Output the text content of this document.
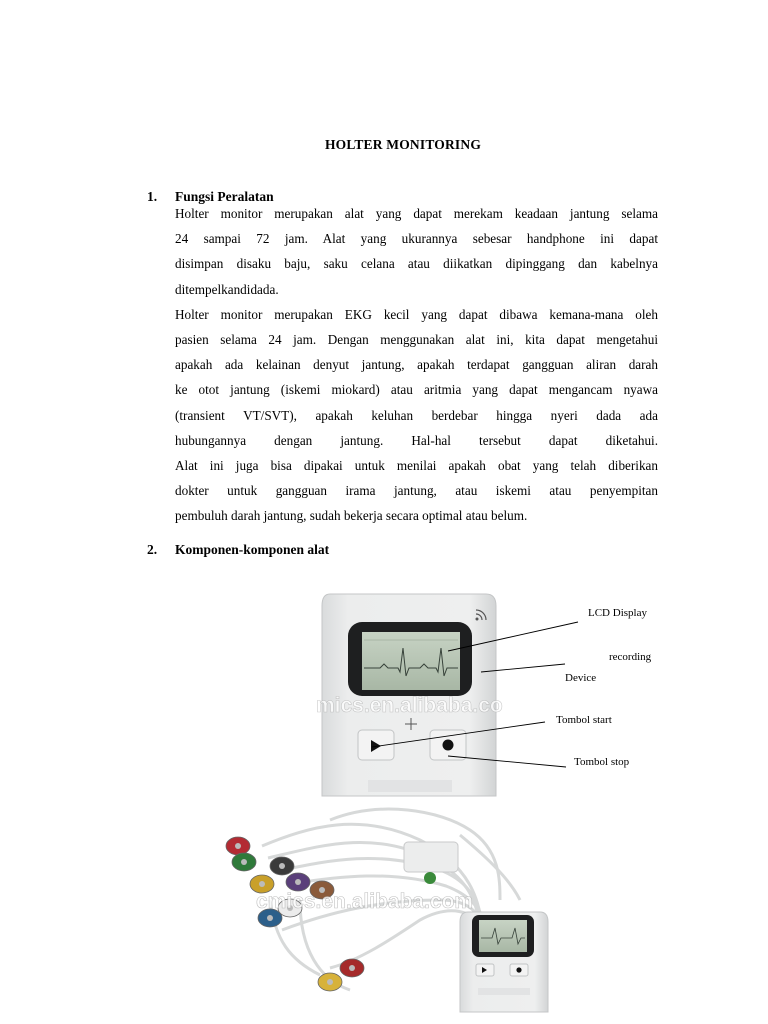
HOLTER MONITORING
1. Fungsi Peralatan
Holter monitor merupakan alat yang dapat merekam keadaan jantung selama
24 sampai 72 jam. Alat yang ukurannya sebesar handphone ini dapat
disimpan disaku baju, saku celana atau diikatkan dipinggang dan kabelnya
ditempelkandidada.
Holter monitor merupakan EKG kecil yang dapat dibawa kemana-mana oleh
pasien selama 24 jam. Dengan menggunakan alat ini, kita dapat mengetahui
apakah ada kelainan denyut jantung, apakah terdapat gangguan aliran darah
ke otot jantung (iskemi miokard) atau aritmia yang dapat mengancam nyawa
(transient VT/SVT), apakah keluhan berdebar hingga nyeri dada ada
hubungannya dengan jantung. Hal-hal tersebut dapat diketahui.
Alat ini juga bisa dipakai untuk menilai apakah obat yang telah diberikan
dokter untuk gangguan irama jantung, atau iskemi atau penyempitan
pembuluh darah jantung, sudah bekerja secara optimal atau belum.
2. Komponen-komponen alat
mics.en.alibaba.co
cmics.en.alibaba.com
LCD Display
recording
Device
Tombol start
Tombol stop
